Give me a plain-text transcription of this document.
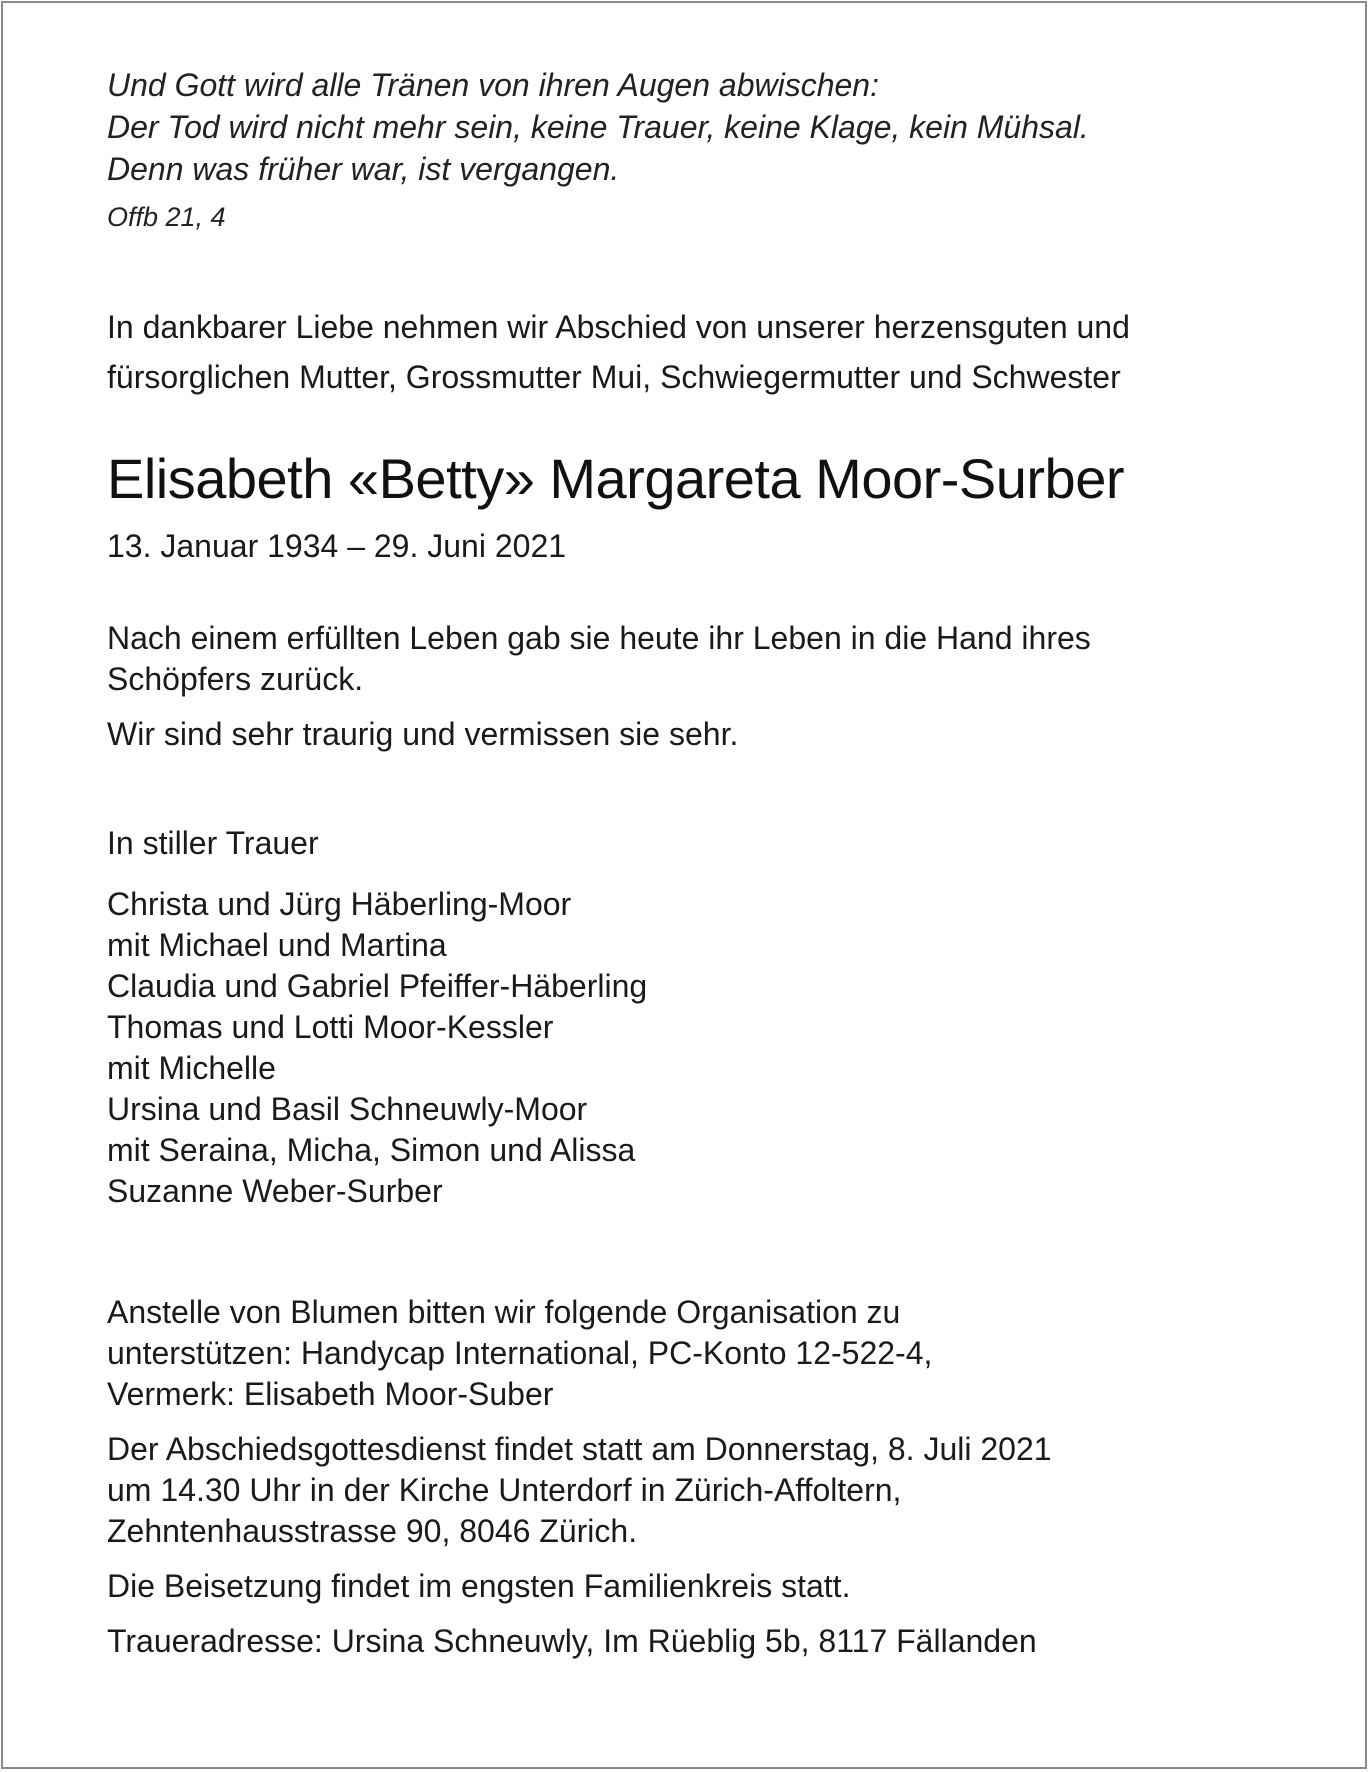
Und Gott wird alle Tränen von ihren Augen abwischen:
Der Tod wird nicht mehr sein, keine Trauer, keine Klage, kein Mühsal.
Denn was früher war, ist vergangen.
Offb 21, 4
In dankbarer Liebe nehmen wir Abschied von unserer herzensguten und
fürsorglichen Mutter, Grossmutter Mui, Schwiegermutter und Schwester
Elisabeth «Betty» Margareta Moor-Surber
13. Januar 1934 – 29. Juni 2021
Nach einem erfüllten Leben gab sie heute ihr Leben in die Hand ihres
Schöpfers zurück.
Wir sind sehr traurig und vermissen sie sehr.
In stiller Trauer
Christa und Jürg Häberling-Moor
mit Michael und Martina
Claudia und Gabriel Pfeiffer-Häberling
Thomas und Lotti Moor-Kessler
mit Michelle
Ursina und Basil Schneuwly-Moor
mit Seraina, Micha, Simon und Alissa
Suzanne Weber-Surber
Anstelle von Blumen bitten wir folgende Organisation zu
unterstützen: Handycap International, PC-Konto 12-522-4,
Vermerk: Elisabeth Moor-Suber
Der Abschiedsgottesdienst findet statt am Donnerstag, 8. Juli 2021
um 14.30 Uhr in der Kirche Unterdorf in Zürich-Affoltern,
Zehntenhausstrasse 90, 8046 Zürich.
Die Beisetzung findet im engsten Familienkreis statt.
Traueradresse: Ursina Schneuwly, Im Rüeblig 5b, 8117 Fällanden
